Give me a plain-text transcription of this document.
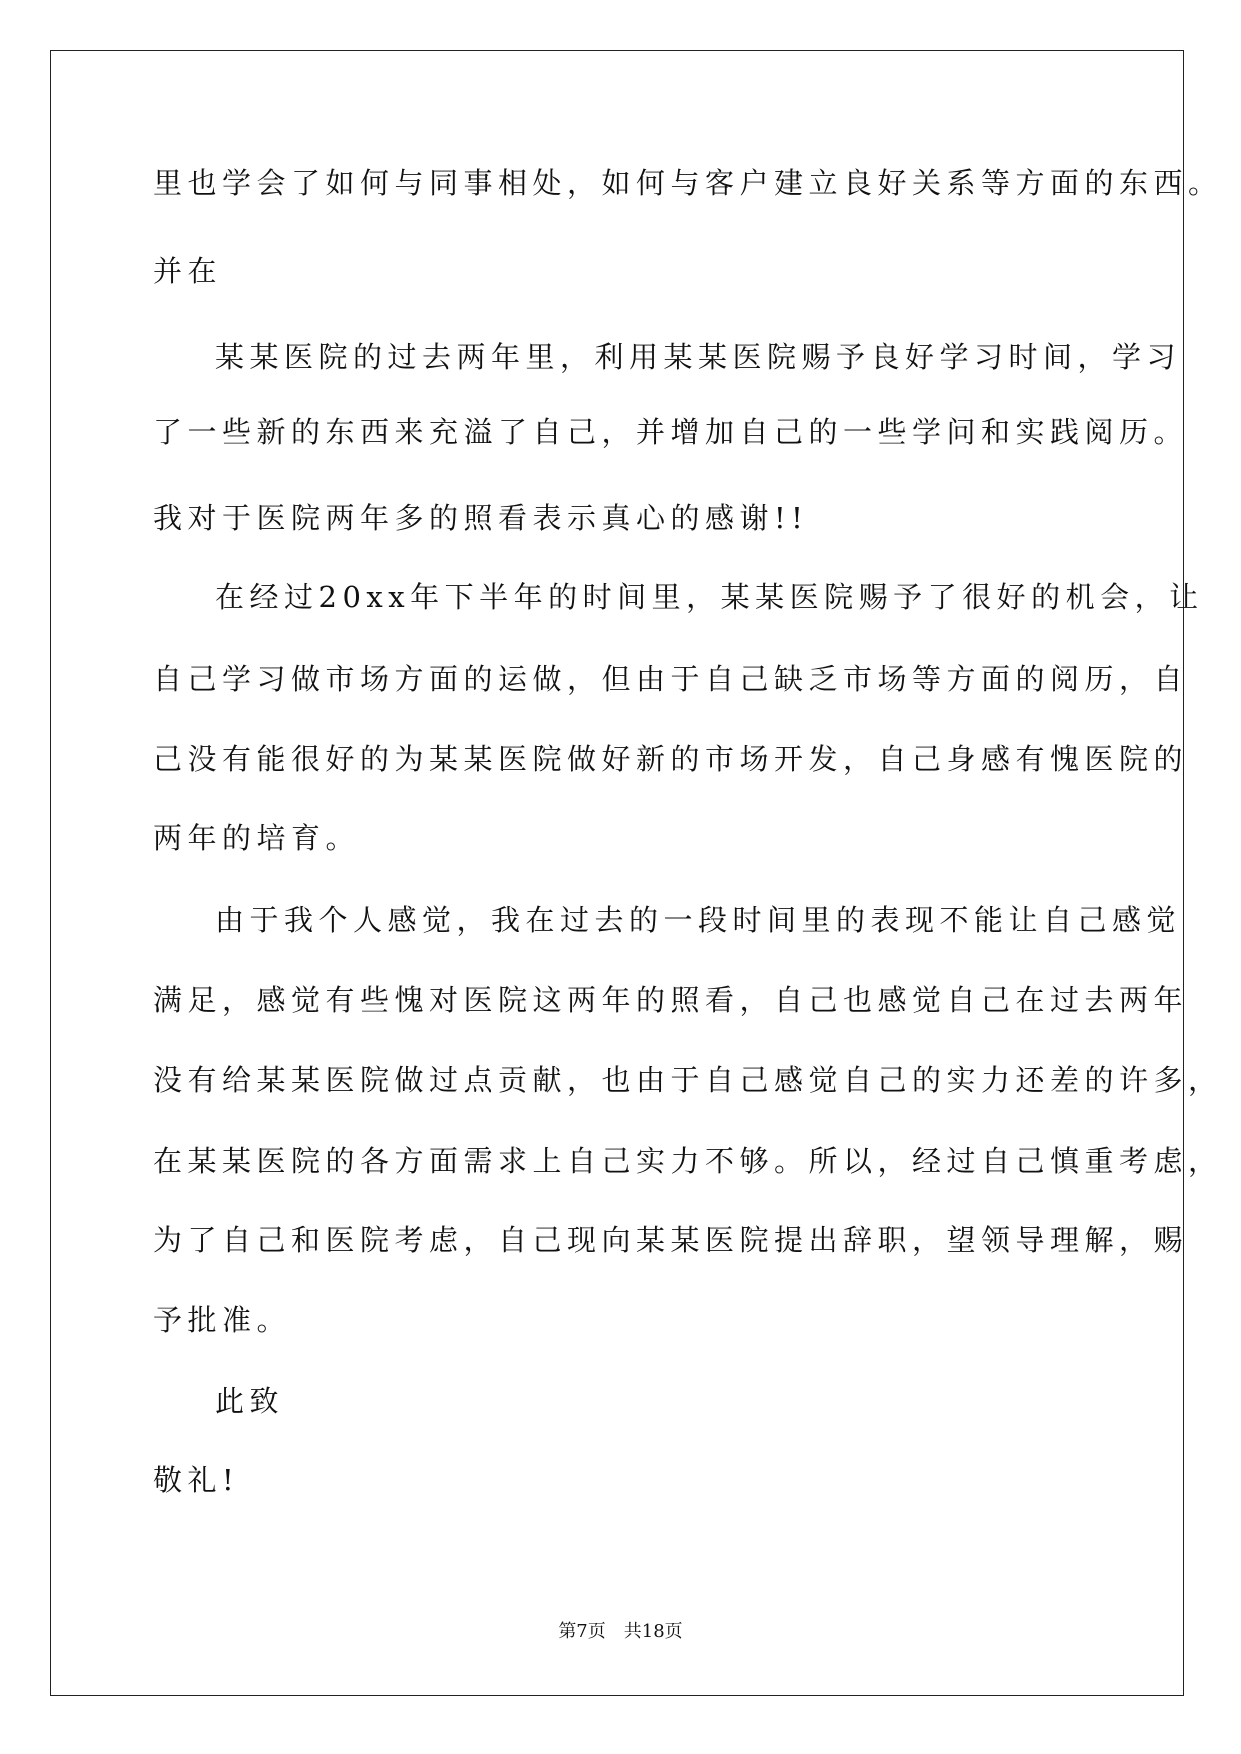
里也学会了如何与同事相处，如何与客户建立良好关系等方面的东西。
并在
某某医院的过去两年里，利用某某医院赐予良好学习时间，学习
了一些新的东西来充溢了自己，并增加自己的一些学问和实践阅历。
我对于医院两年多的照看表示真心的感谢!!
在经过20xx年下半年的时间里，某某医院赐予了很好的机会，让
自己学习做市场方面的运做，但由于自己缺乏市场等方面的阅历，自
己没有能很好的为某某医院做好新的市场开发，自己身感有愧医院的
两年的培育。
由于我个人感觉，我在过去的一段时间里的表现不能让自己感觉
满足，感觉有些愧对医院这两年的照看，自己也感觉自己在过去两年
没有给某某医院做过点贡献，也由于自己感觉自己的实力还差的许多，
在某某医院的各方面需求上自己实力不够。所以，经过自己慎重考虑，
为了自己和医院考虑，自己现向某某医院提出辞职，望领导理解，赐
予批准。
此致
敬礼!
第7页　共18页
